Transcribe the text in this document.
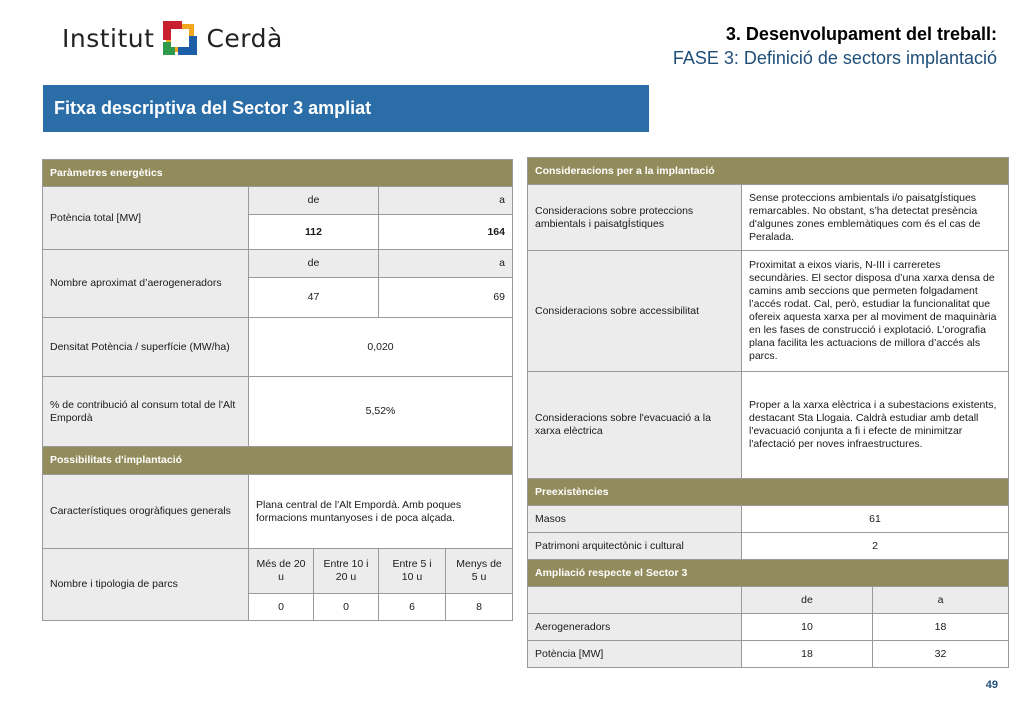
Institut Cerdà	3. Desenvolupament del treball:
FASE 3: Definició de sectors implantació
Fitxa descriptiva del Sector 3 ampliat
Paràmetres energètics				
Potència total [MW]	de		a	
	112		164	
Nombre aproximat d’aerogeneradors	de		a	
	47		69	
Densitat Potència / superfície (MW/ha)	0,020			
% de contribució al consum total de l'Alt Empordà	5,52%			
Possibilitats d'implantació				
Característiques orogràfiques generals	Plana central de l'Alt Empordà. Amb poques formacions muntanyoses i de poca alçada.			
Nombre i tipologia de parcs	Més de 20 u	Entre 10 i 20 u	Entre 5 i 10 u	Menys de 5 u
	0	0	6	8
Consideracions per a la implantació		
Consideracions sobre proteccions ambientals i paisatgÍstiques	Sense proteccions ambientals i/o paisatgÍstiques remarcables. No obstant, s’ha detectat presència d'algunes zones emblemàtiques com és el cas de Peralada.	
Consideracions sobre accessibilitat	Proximitat a eixos viaris, N-III i carreretes secundàries. El sector disposa d’una xarxa densa de camins amb seccions que permeten folgadament l’accés rodat. Cal, però, estudiar la funcionalitat que ofereix aquesta xarxa per al moviment de maquinària en les fases de construcció i explotació. L’orografia plana facilita les actuacions de millora d’accés als parcs.	
Consideracions sobre l'evacuació a la xarxa elèctrica	Proper a la xarxa elèctrica i a subestacions existents, destacant Sta Llogaia. Caldrà estudiar amb detall l'evacuació conjunta a fi i efecte de minimitzar l'afectació per noves infraestructures.	
Preexistències		
Masos	61	
Patrimoni arquitectònic i cultural	2	
Ampliació respecte el Sector 3		
	de	a
Aerogeneradors	10	18
Potència [MW]	18	32
49
